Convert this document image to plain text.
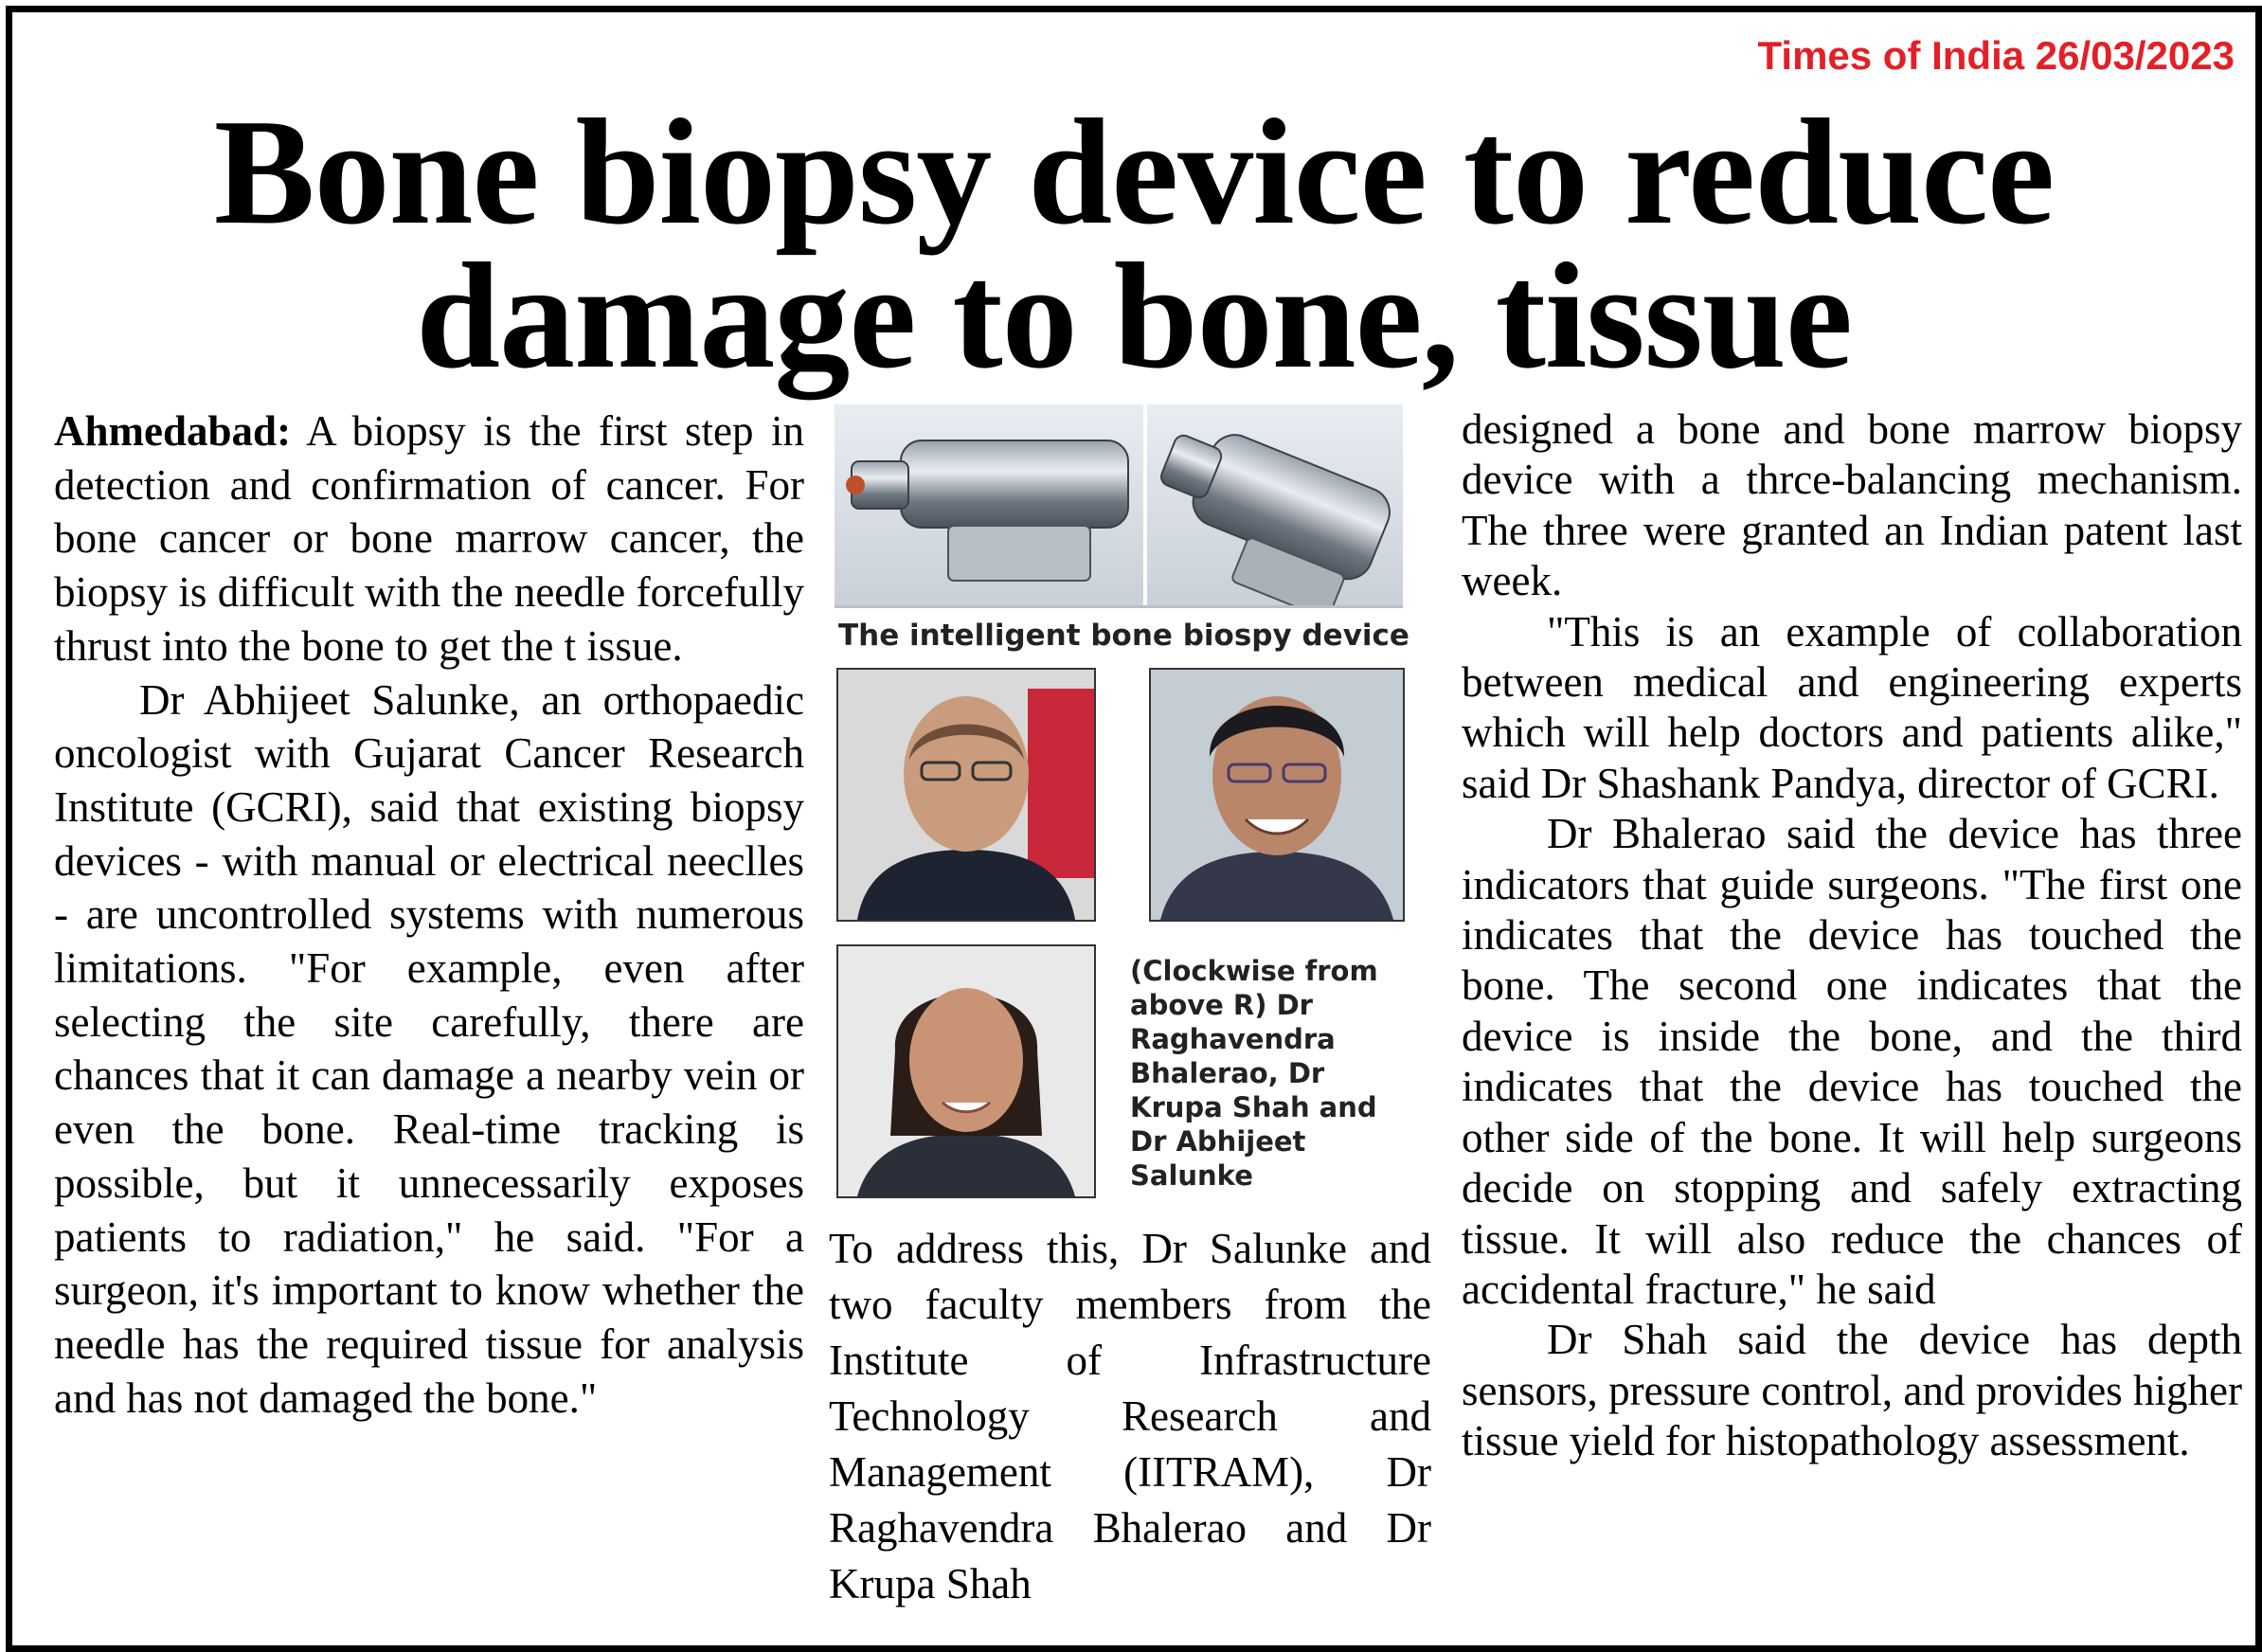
Times of India 26/03/2023

Bone biopsy device to reduce
damage to bone, tissue

Ahmedabad: A biopsy is the first step in detection and confirmation of cancer. For bone cancer or bone marrow cancer, the biopsy is difficult with the needle forcefully thrust into the bone to get the t issue.

Dr Abhijeet Salunke, an orthopaedic oncologist with Gujarat Cancer Research Institute (GCRI), said that existing biopsy devices - with manual or electrical neeclles - are uncontrolled systems with numerous limitations. "For example, even after selecting the site carefully, there are chances that it can damage a nearby vein or even the bone. Real-time tracking is possible, but it unnecessarily exposes patients to radiation," he said. "For a surgeon, it's important to know whether the needle has the required tissue for analysis and has not damaged the bone."

The intelligent bone biospy device

(Clockwise from above R) Dr Raghavendra Bhalerao, Dr Krupa Shah and Dr Abhijeet Salunke

To address this, Dr Salunke and two faculty members from the Institute of Infrastructure Technology Research and Management (IITRAM), Dr Raghavendra Bhalerao and Dr Krupa Shah

designed a bone and bone marrow biopsy device with a thrce-balancing mechanism. The three were granted an Indian patent last week.

"This is an example of collaboration between medical and engineering experts which will help doctors and patients alike," said Dr Shashank Pandya, director of GCRI.

Dr Bhalerao said the device has three indicators that guide surgeons. "The first one indicates that the device has touched the bone. The second one indicates that the device is inside the bone, and the third indicates that the device has touched the other side of the bone. It will help surgeons decide on stopping and safely extracting tissue. It will also reduce the chances of accidental fracture," he said

Dr Shah said the device has depth sensors, pressure control, and provides higher tissue yield for histopathology assessment.
